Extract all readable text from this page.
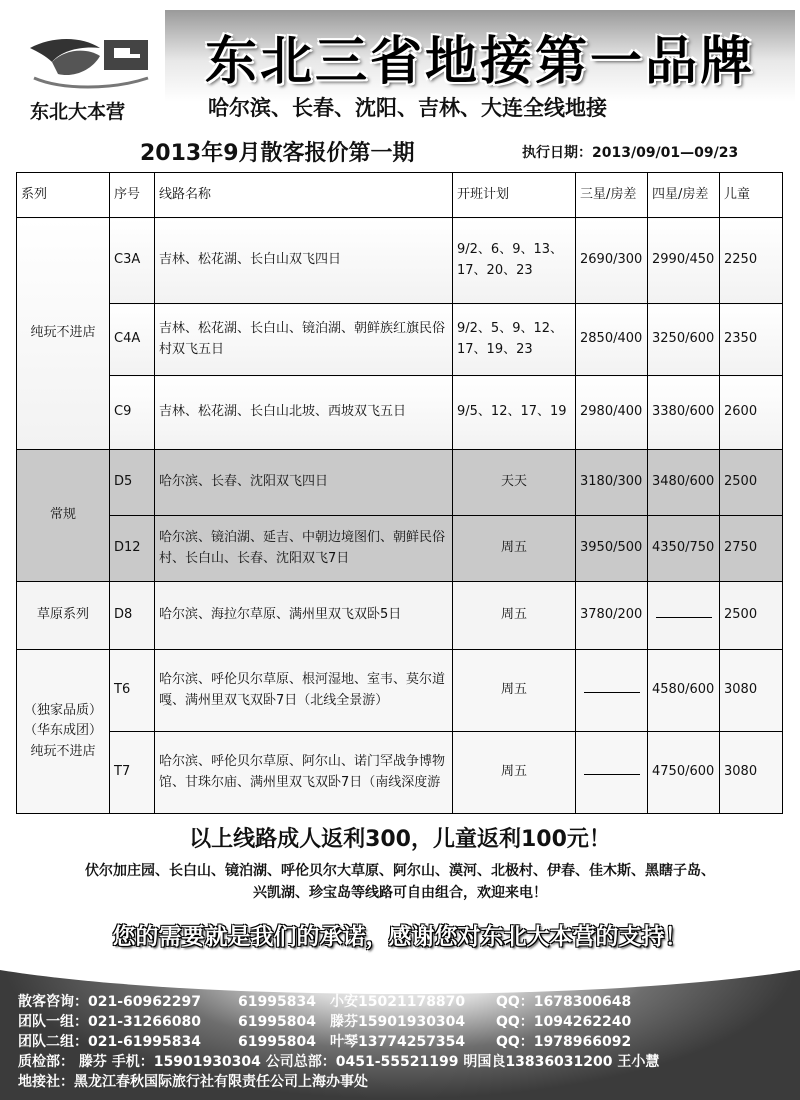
东北大本营
东北三省地接第一品牌
哈尔滨、长春、沈阳、吉林、大连全线地接
2013年9月散客报价第一期	执行日期：2013/09/01—09/23
系列	序号	线路名称	开班计划	三星/房差	四星/房差	儿童
纯玩不进店	C3A	吉林、松花湖、长白山双飞四日	9/2、6、9、13、17、20、23	2690/300	2990/450	2250
	C4A	吉林、松花湖、长白山、镜泊湖、朝鲜族红旗民俗村双飞五日	9/2、5、9、12、17、19、23	2850/400	3250/600	2350
	C9	吉林、松花湖、长白山北坡、西坡双飞五日	9/5、12、17、19	2980/400	3380/600	2600
常规	D5	哈尔滨、长春、沈阳双飞四日	天天	3180/300	3480/600	2500
	D12	哈尔滨、镜泊湖、延吉、中朝边境图们、朝鲜民俗村、长白山、长春、沈阳双飞7日	周五	3950/500	4350/750	2750
草原系列	D8	哈尔滨、海拉尔草原、满州里双飞双卧5日	周五	3780/200		2500

（独家品质）
（华东成团）
纯玩不进店	T6	哈尔滨、呼伦贝尔草原、根河湿地、室韦、莫尔道嘎、满州里双飞双卧7日（北线全景游）	周五		4580/600	3080
	T7	哈尔滨、呼伦贝尔草原、阿尔山、诺门罕战争博物馆、甘珠尔庙、满州里双飞双卧7日（南线深度游	周五		4750/600	3080
以上线路成人返利300，儿童返利100元！
伏尔加庄园、长白山、镜泊湖、呼伦贝尔大草原、阿尔山、漠河、北极村、伊春、佳木斯、黑瞎子岛、
兴凯湖、珍宝岛等线路可自由组合，欢迎来电！
您的需要就是我们的承诺，感谢您对东北大本营的支持！
散客咨询：021-60962297	61995834 小安15021178870 QQ：1678300648
团队一组：021-31266080	61995804 滕芬15901930304 QQ：1094262240
团队二组：021-61995834	61995804 叶琴13774257354 QQ：1978966092
质检部： 滕芬 手机：15901930304 公司总部：0451-55521199 明国良13836031200 王小慧
地接社：黑龙江春秋国际旅行社有限责任公司上海办事处
